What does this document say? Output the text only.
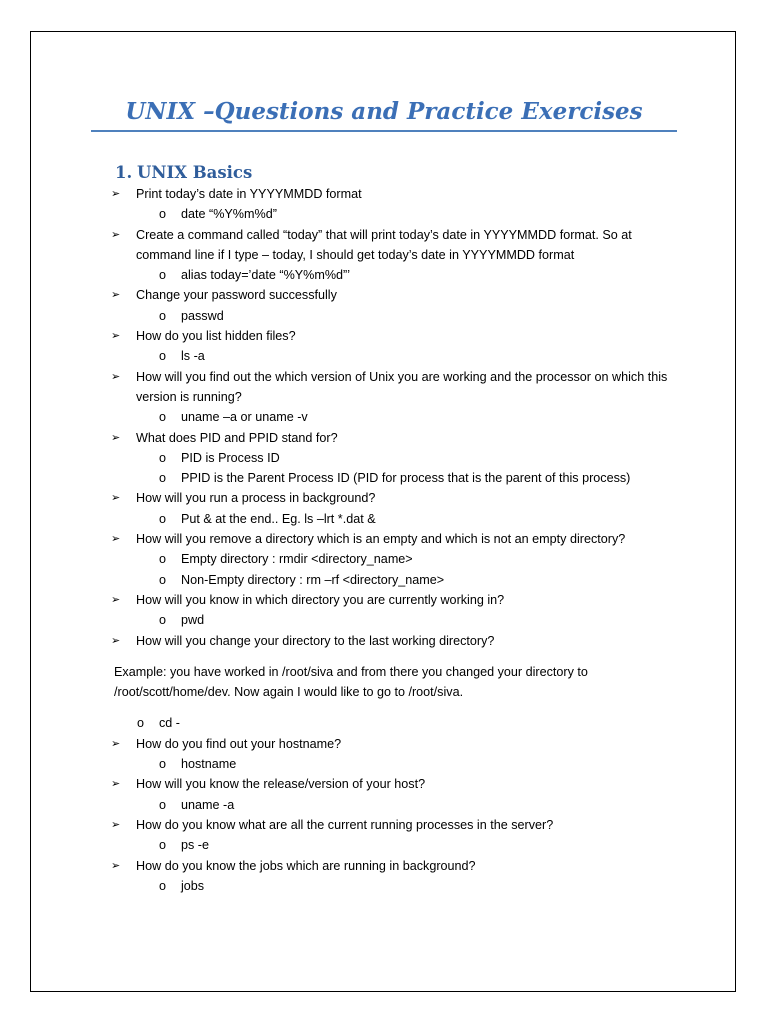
UNIX –Questions and Practice Exercises
1. UNIX Basics
➢ Print today’s date in YYYYMMDD format
o date “%Y%m%d”
➢ Create a command called “today” that will print today’s date in YYYYMMDD format. So at command line if I type – today, I should get today’s date in YYYYMMDD format
o alias today=’date “%Y%m%d”’
➢ Change your password successfully
o passwd
➢ How do you list hidden files?
o ls -a
➢ How will you find out the which version of Unix you are working and the processor on which this version is running?
o uname –a or uname -v
➢ What does PID and PPID stand for?
o PID is Process ID
o PPID is the Parent Process ID (PID for process that is the parent of this process)
➢ How will you run a process in background?
o Put & at the end.. Eg. ls –lrt *.dat &
➢ How will you remove a directory which is an empty and which is not an empty directory?
o Empty directory : rmdir <directory_name>
o Non-Empty directory : rm –rf <directory_name>
➢ How will you know in which directory you are currently working in?
o pwd
➢ How will you change your directory to the last working directory?
Example: you have worked in /root/siva and from there you changed your directory to /root/scott/home/dev. Now again I would like to go to /root/siva.
o cd -
➢ How do you find out your hostname?
o hostname
➢ How will you know the release/version of your host?
o uname -a
➢ How do you know what are all the current running processes in the server?
o ps -e
➢ How do you know the jobs which are running in background?
o jobs
